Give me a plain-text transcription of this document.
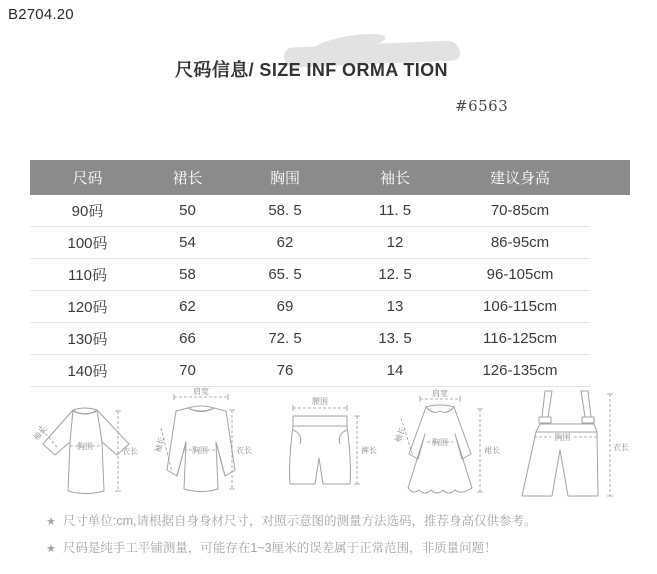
B2704.20
尺码信息/ SIZE INF ORMA TION
#6563
尺码	裙长	胸围	袖长	建议身高	
90码	50	58. 5	11. 5	70-85cm	
100码	54	62	12	86-95cm	
110码	58	65. 5	12. 5	96-105cm	
120码	62	69	13	106-115cm	
130码	66	72. 5	13. 5	116-125cm	
140码	70	76	14	126-135cm	
袖长
胸围
衣长
肩宽
袖长	胸围	衣长
腰围
裤长
肩宽
袖长	胸围
裙长
胸围
衣长
★ 尺寸单位:cm,请根据自身身材尺寸，对照示意图的测量方法选码，推荐身高仅供参考。
★ 尺码是纯手工平铺测量，可能存在1~3厘米的误差属于正常范围，非质量问题！
